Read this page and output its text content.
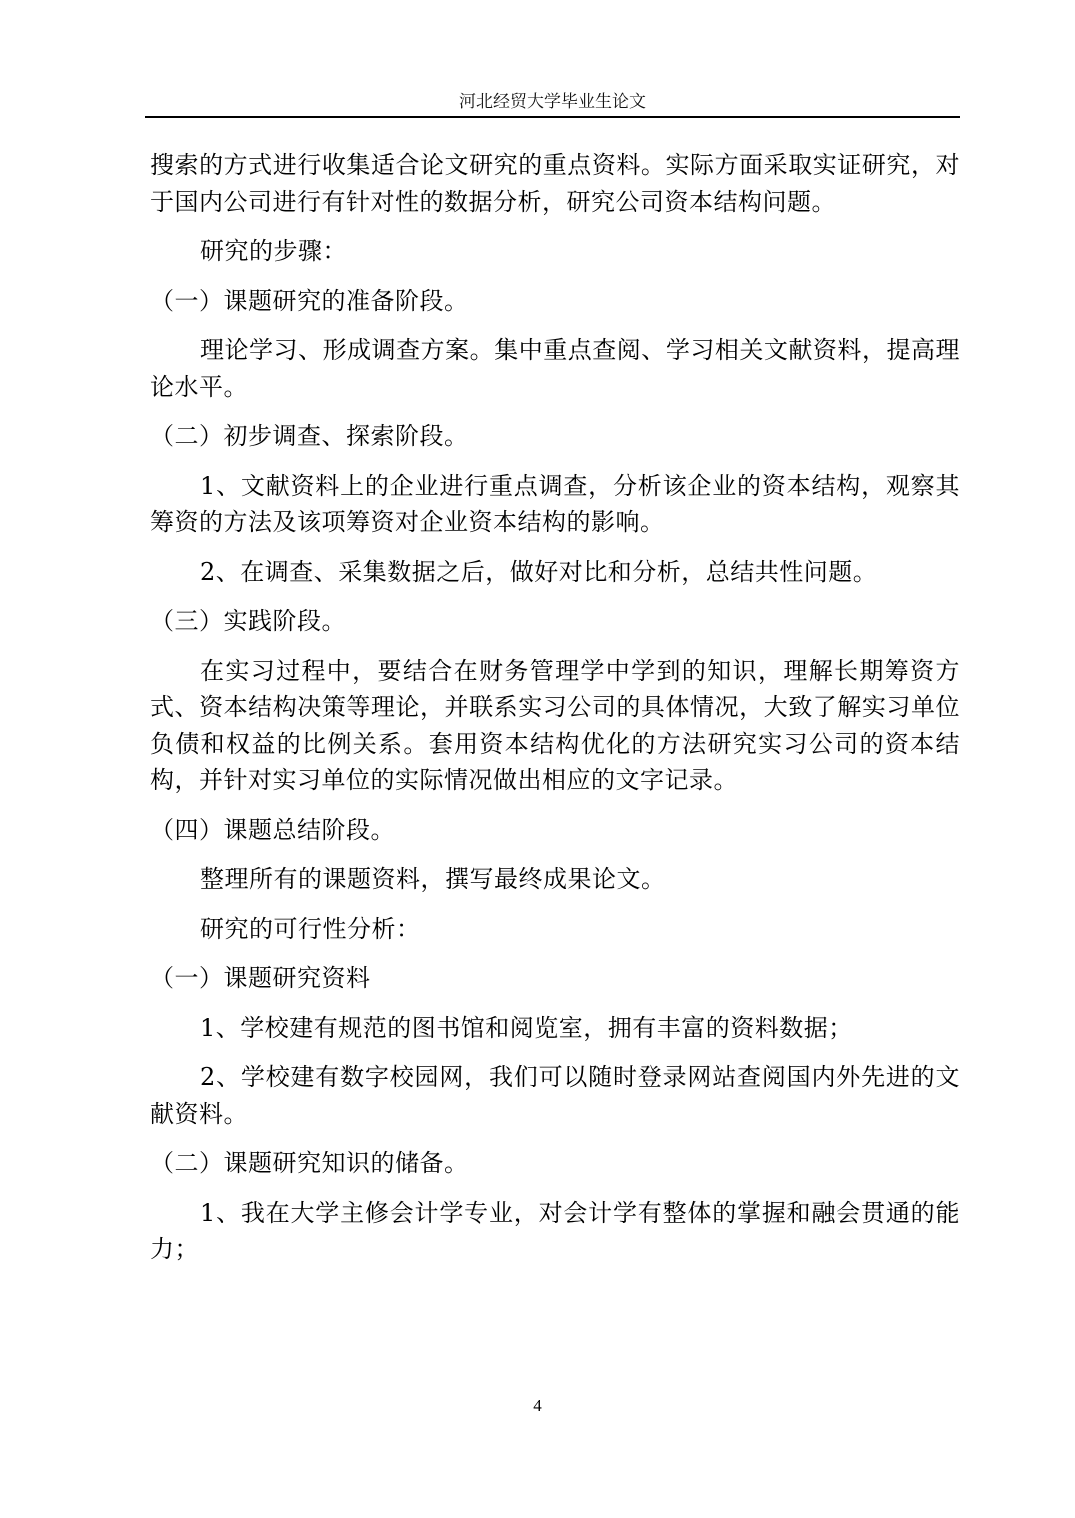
河北经贸大学毕业生论文

搜索的方式进行收集适合论文研究的重点资料。实际方面采取实证研究，对于国内公司进行有针对性的数据分析，研究公司资本结构问题。

研究的步骤：

（一）课题研究的准备阶段。

理论学习、形成调查方案。集中重点查阅、学习相关文献资料，提高理论水平。

（二）初步调查、探索阶段。

1、文献资料上的企业进行重点调查，分析该企业的资本结构，观察其筹资的方法及该项筹资对企业资本结构的影响。

2、在调查、采集数据之后，做好对比和分析，总结共性问题。

（三）实践阶段。

在实习过程中，要结合在财务管理学中学到的知识，理解长期筹资方式、资本结构决策等理论，并联系实习公司的具体情况，大致了解实习单位负债和权益的比例关系。套用资本结构优化的方法研究实习公司的资本结构，并针对实习单位的实际情况做出相应的文字记录。

（四）课题总结阶段。

整理所有的课题资料，撰写最终成果论文。

研究的可行性分析：

（一）课题研究资料

1、学校建有规范的图书馆和阅览室，拥有丰富的资料数据；

2、学校建有数字校园网，我们可以随时登录网站查阅国内外先进的文献资料。

（二）课题研究知识的储备。

1、我在大学主修会计学专业，对会计学有整体的掌握和融会贯通的能力；

4
